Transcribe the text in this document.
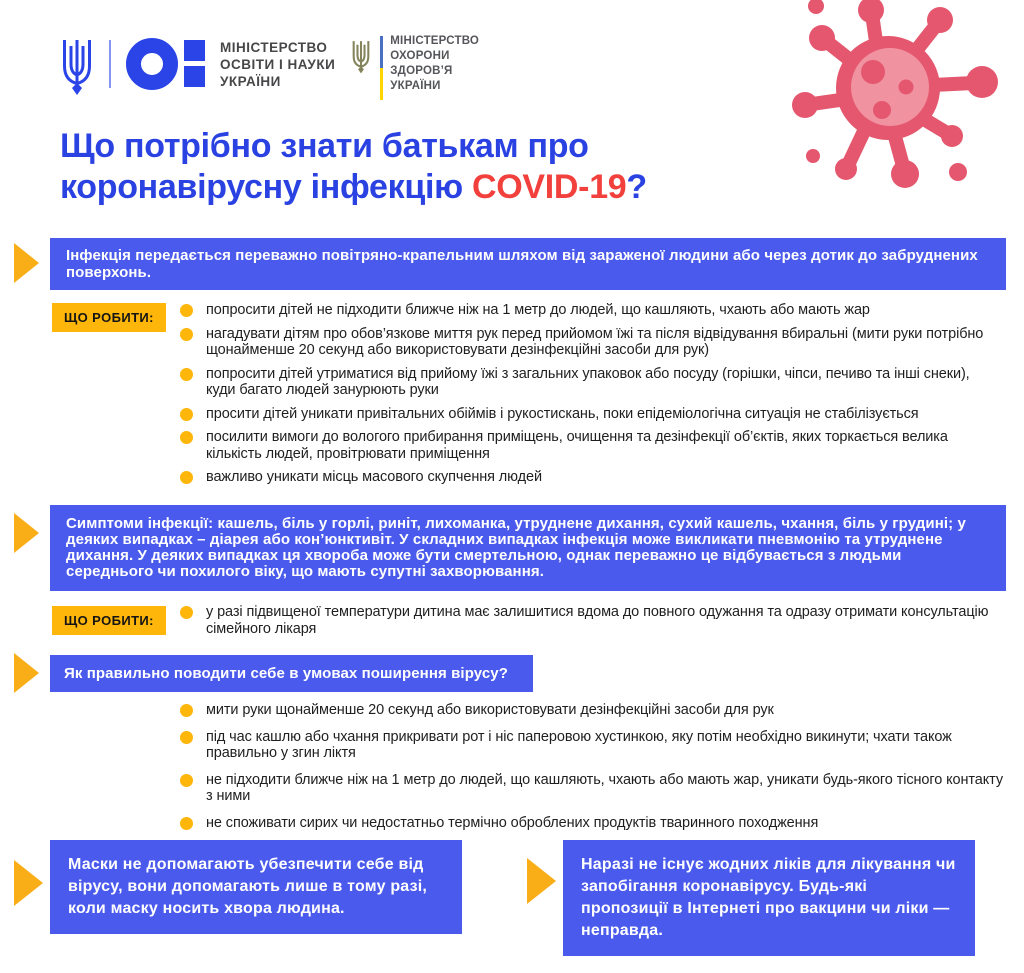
МІНІСТЕРСТВО
ОСВІТИ І НАУКИ
УКРАЇНИ
МІНІСТЕРСТВО
ОХОРОНИ
ЗДОРОВ’Я
УКРАЇНИ
Що потрібно знати батькам про
коронавірусну інфекцію COVID-19?
Інфекція передається переважно повітряно-крапельним шляхом від зараженої людини або через дотик до забруднених поверхонь.
ЩО РОБИТИ:	попросити дітей не підходити ближче ніж на 1 метр до людей, що кашляють, чхають або мають жар
нагадувати дітям про обов’язкове миття рук перед прийомом їжі та після відвідування вбиральні (мити руки потрібно щонайменше 20 секунд або використовувати дезінфекційні засоби для рук)
попросити дітей утриматися від прийому їжі з загальних упаковок або посуду (горішки, чіпси, печиво та інші снеки), куди багато людей занурюють руки
просити дітей уникати привітальних обіймів і рукостискань, поки епідеміологічна ситуація не стабілізується
посилити вимоги до вологого прибирання приміщень, очищення та дезінфекції об’єктів, яких торкається велика кількість людей, провітрювати приміщення
важливо уникати місць масового скупчення людей
Симптоми інфекції: кашель, біль у горлі, риніт, лихоманка, утруднене дихання, сухий кашель, чхання, біль у грудині; у деяких випадках – діарея або кон’юнктивіт. У складних випадках інфекція може викликати пневмонію та утруднене дихання. У деяких випадках ця хвороба може бути смертельною, однак переважно це відбувається з людьми середнього чи похилого віку, що мають супутні захворювання.
ЩО РОБИТИ:
у разі підвищеної температури дитина має залишитися вдома до повного одужання та одразу отримати консультацію сімейного лікаря
Як правильно поводити себе в умовах поширення вірусу?
мити руки щонайменше 20 секунд або використовувати дезінфекційні засоби для рук
під час кашлю або чхання прикривати рот і ніс паперовою хустинкою, яку потім необхідно викинути; чхати також правильно у згин ліктя
не підходити ближче ніж на 1 метр до людей, що кашляють, чхають або мають жар, уникати будь-якого тісного контакту з ними
не споживати сирих чи недостатньо термічно оброблених продуктів тваринного походження
Маски не допомагають убезпечити себе від вірусу, вони допомагають лише в тому разі, коли маску носить хвора людина.
Наразі не існує жодних ліків для лікування чи запобігання коронавірусу. Будь-які пропозиції в Інтернеті про вакцини чи ліки — неправда.
